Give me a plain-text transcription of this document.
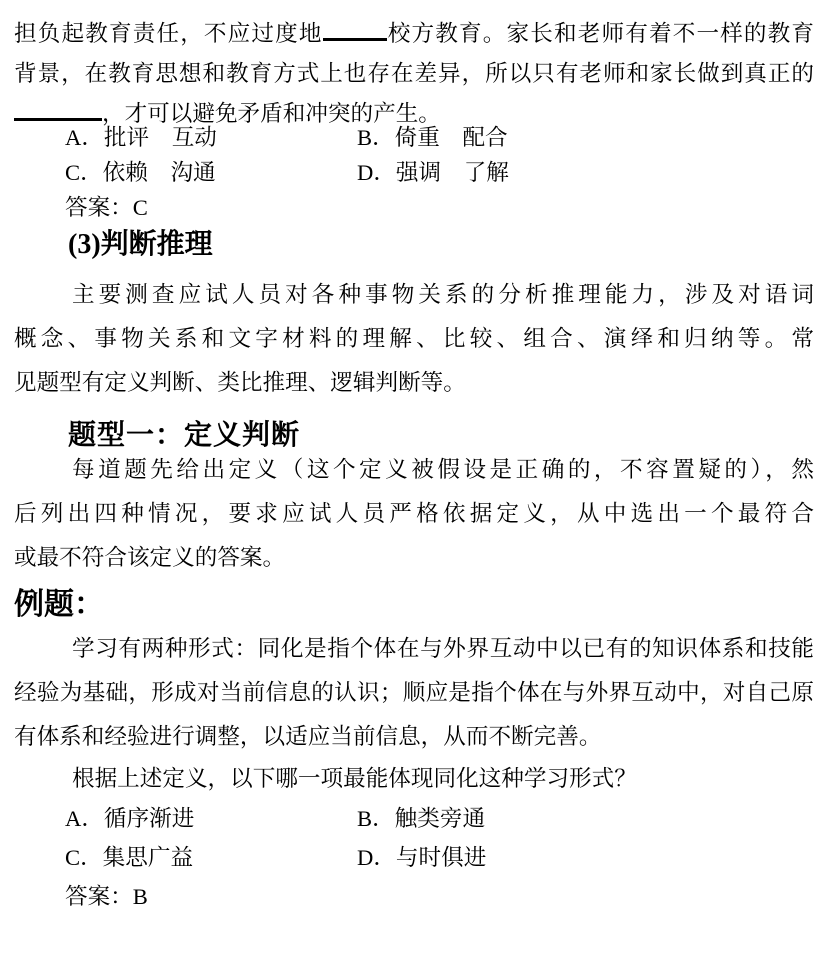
担负起教育责任，不应过度地	校方教育。家长和老师有着不一样的教育
背景，在教育思想和教育方式上也存在差异，所以只有老师和家长做到真正的
，才可以避免矛盾和冲突的产生。
A．批评　互动	B．倚重　配合
C．依赖　沟通	D．强调　了解
答案：C
(3)判断推理
主要测查应试人员对各种事物关系的分析推理能力，涉及对语词
概念、事物关系和文字材料的理解、比较、组合、演绎和归纳等。常
见题型有定义判断、类比推理、逻辑判断等。
题型一：定义判断
每道题先给出定义（这个定义被假设是正确的，不容置疑的），然
后列出四种情况，要求应试人员严格依据定义，从中选出一个最符合
或最不符合该定义的答案。
例题：
学习有两种形式：同化是指个体在与外界互动中以已有的知识体系和技能
经验为基础，形成对当前信息的认识；顺应是指个体在与外界互动中，对自己原
有体系和经验进行调整，以适应当前信息，从而不断完善。
根据上述定义，以下哪一项最能体现同化这种学习形式？
A．循序渐进	B．触类旁通
C．集思广益	D．与时俱进
答案：B
